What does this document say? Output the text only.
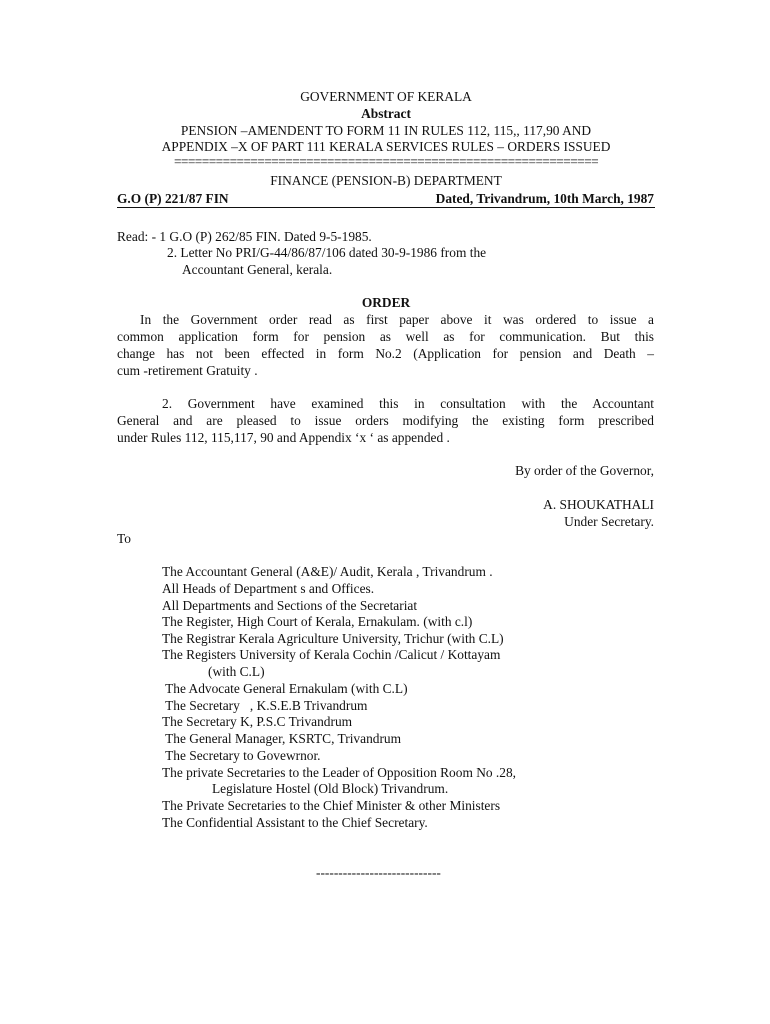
GOVERNMENT OF KERALA
Abstract
PENSION –AMENDENT TO FORM 11 IN RULES 112, 115,, 117,90 AND
APPENDIX –X OF PART 111 KERALA SERVICES RULES – ORDERS ISSUED
=============================================================
FINANCE (PENSION-B) DEPARTMENT
G.O (P) 221/87 FIN	Dated, Trivandrum, 10th March, 1987
Read: - 1 G.O (P) 262/85 FIN. Dated 9-5-1985.
2. Letter No PRI/G-44/86/87/106 dated 30-9-1986 from the
Accountant General, kerala.
ORDER
In the Government order read as first paper above it was ordered to issue a
common application form for pension as well as for communication. But this
change has not been effected in form No.2 (Application for pension and Death –
cum -retirement Gratuity .
2. Government have examined this in consultation with the Accountant
General and are pleased to issue orders modifying the existing form prescribed
under Rules 112, 115,117, 90 and Appendix ‘x ‘ as appended .
By order of the Governor,
A. SHOUKATHALI
Under Secretary.
To
The Accountant General (A&E)/ Audit, Kerala , Trivandrum .
All Heads of Department s and Offices.
All Departments and Sections of the Secretariat
The Register, High Court of Kerala, Ernakulam. (with c.l)
The Registrar Kerala Agriculture University, Trichur (with C.L)
The Registers University of Kerala Cochin /Calicut / Kottayam
(with C.L)
The Advocate General Ernakulam (with C.L)
The Secretary   , K.S.E.B Trivandrum
The Secretary K, P.S.C Trivandrum
The General Manager, KSRTC, Trivandrum
The Secretary to Govewrnor.
The private Secretaries to the Leader of Opposition Room No .28,
Legislature Hostel (Old Block) Trivandrum.
The Private Secretaries to the Chief Minister & other Ministers
The Confidential Assistant to the Chief Secretary.
----------------------------
